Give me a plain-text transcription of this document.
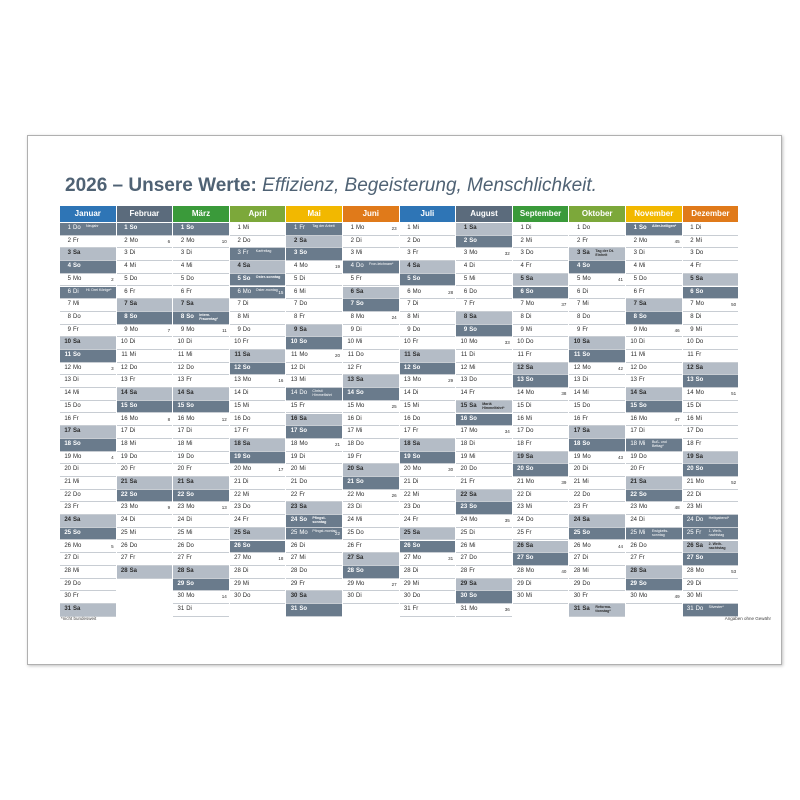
2026 – Unsere Werte: Effizienz, Begeisterung, Menschlichkeit.
Januar
1 Do Neujahr
2 Fr
3 Sa
4 So
5 Mo	2
6 Di Hl. Drei Könige*
7 Mi
8 Do
9 Fr
10 Sa
11 So
12 Mo	3
13 Di
14 Mi
15 Do
16 Fr
17 Sa
18 So
19 Mo	4
20 Di
21 Mi
22 Do
23 Fr
24 Sa
25 So
26 Mo	5
27 Di
28 Mi
29 Do
30 Fr
31 Sa
Februar
1 So
2 Mo	6
3 Di
4 Mi
5 Do
6 Fr
7 Sa
8 So
9 Mo	7
10 Di
11 Mi
12 Do
13 Fr
14 Sa
15 So
16 Mo	8
17 Di
18 Mi
19 Do
20 Fr
21 Sa
22 So
23 Mo	9
24 Di
25 Mi
26 Do
27 Fr
28 Sa
März
1 So
2 Mo	10
3 Di
4 Mi
5 Do
6 Fr
7 Sa
8 So Intern. Frauentag*
9 Mo	11
10 Di
11 Mi
12 Do
13 Fr
14 Sa
15 So
16 Mo	12
17 Di
18 Mi
19 Do
20 Fr
21 Sa
22 So
23 Mo	13
24 Di
25 Mi
26 Do
27 Fr
28 Sa
29 So
30 Mo	14
31 Di
April
1 Mi
2 Do
3 Fr Karfreitag
4 Sa
5 So Oster-sonntag
6 Mo Oster-montag 15
7 Di
8 Mi
9 Do
10 Fr
11 Sa
12 So
13 Mo	16
14 Di
15 Mi
16 Do
17 Fr
18 Sa
19 So
20 Mo	17
21 Di
22 Mi
23 Do
24 Fr
25 Sa
26 So
27 Mo	18
28 Di
29 Mi
30 Do
Mai
1 Fr Tag der Arbeit
2 Sa
3 So
4 Mo	19
5 Di
6 Mi
7 Do
8 Fr
9 Sa
10 So
11 Mo	20
12 Di
13 Mi
14 Do Christi Himmelfahrt
15 Fr
16 Sa
17 So
18 Mo	21
19 Di
20 Mi
21 Do
22 Fr
23 Sa
24 So Pfingst-sonntag
25 Mo Pfingst-montag
22
26 Di
27 Mi
28 Do
29 Fr
30 Sa
31 So
Juni
1 Mo	23
2 Di
3 Mi
4 Do Fron-leichnam*
5 Fr
6 Sa
7 So
8 Mo	24
9 Di
10 Mi
11 Do
12 Fr
13 Sa
14 So
15 Mo	25
16 Di
17 Mi
18 Do
19 Fr
20 Sa
21 So
22 Mo	26
23 Di
24 Mi
25 Do
26 Fr
27 Sa
28 So
29 Mo	27
30 Di
Juli
1 Mi
2 Do
3 Fr
4 Sa
5 So
6 Mo	28
7 Di
8 Mi
9 Do
10 Fr
11 Sa
12 So
13 Mo	29
14 Di
15 Mi
16 Do
17 Fr
18 Sa
19 So
20 Mo	30
21 Di
22 Mi
23 Do
24 Fr
25 Sa
26 So
27 Mo	31
28 Di
29 Mi
30 Do
31 Fr
August
1 Sa
2 So
3 Mo	32
4 Di
5 Mi
6 Do
7 Fr
8 Sa
9 So
10 Mo	33
11 Di
12 Mi
13 Do
14 Fr
15 Sa Mariä Himmelfahrt*
16 So
17 Mo	34
18 Di
19 Mi
20 Do
21 Fr
22 Sa
23 So
24 Mo	35
25 Di
26 Mi
27 Do
28 Fr
29 Sa
30 So
31 Mo	36
September
1 Di
2 Mi
3 Do
4 Fr
5 Sa
6 So
7 Mo	37
8 Di
9 Mi
10 Do
11 Fr
12 Sa
13 So
14 Mo	38
15 Di
16 Mi
17 Do
18 Fr
19 Sa
20 So
21 Mo	39
22 Di
23 Mi
24 Do
25 Fr
26 Sa
27 So
28 Mo	40
29 Di
30 Mi
Oktober
1 Do
2 Fr
3 Sa Tag der Dt. Einheit
4 So
5 Mo	41
6 Di
7 Mi
8 Do
9 Fr
10 Sa
11 So
12 Mo	42
13 Di
14 Mi
15 Do
16 Fr
17 Sa
18 So
19 Mo	43
20 Di
21 Mi
22 Do
23 Fr
24 Sa
25 So
26 Mo	44
27 Di
28 Mi
29 Do
30 Fr
31 Sa Reforma-tionstag*
November
1 So Aller-heiligen*
2 Mo	45
3 Di
4 Mi
5 Do
6 Fr
7 Sa
8 So
9 Mo	46
10 Di
11 Mi
12 Do
13 Fr
14 Sa
15 So
16 Mo	47
17 Di
18 Mi Buß- und Bettag*
19 Do
20 Fr
21 Sa
22 So
23 Mo	48
24 Di
25 Mi Ewigkeits-sonntag
26 Do
27 Fr
28 Sa
29 So
30 Mo	49
Dezember
1 Di
2 Mi
3 Do
4 Fr
5 Sa
6 So
7 Mo	50
8 Di
9 Mi
10 Do
11 Fr
12 Sa
13 So
14 Mo	51
15 Di
16 Mi
17 Do
18 Fr
19 Sa
20 So
21 Mo	52
22 Di
23 Mi
24 Do Heiligabend*
25 Fr 1. Weih-nachtstag
26 Sa 2. Weih-nachtstag
27 So
28 Mo	53
29 Di
30 Mi
31 Do Silvester*
*nicht bundesweit	Angaben ohne Gewähr
